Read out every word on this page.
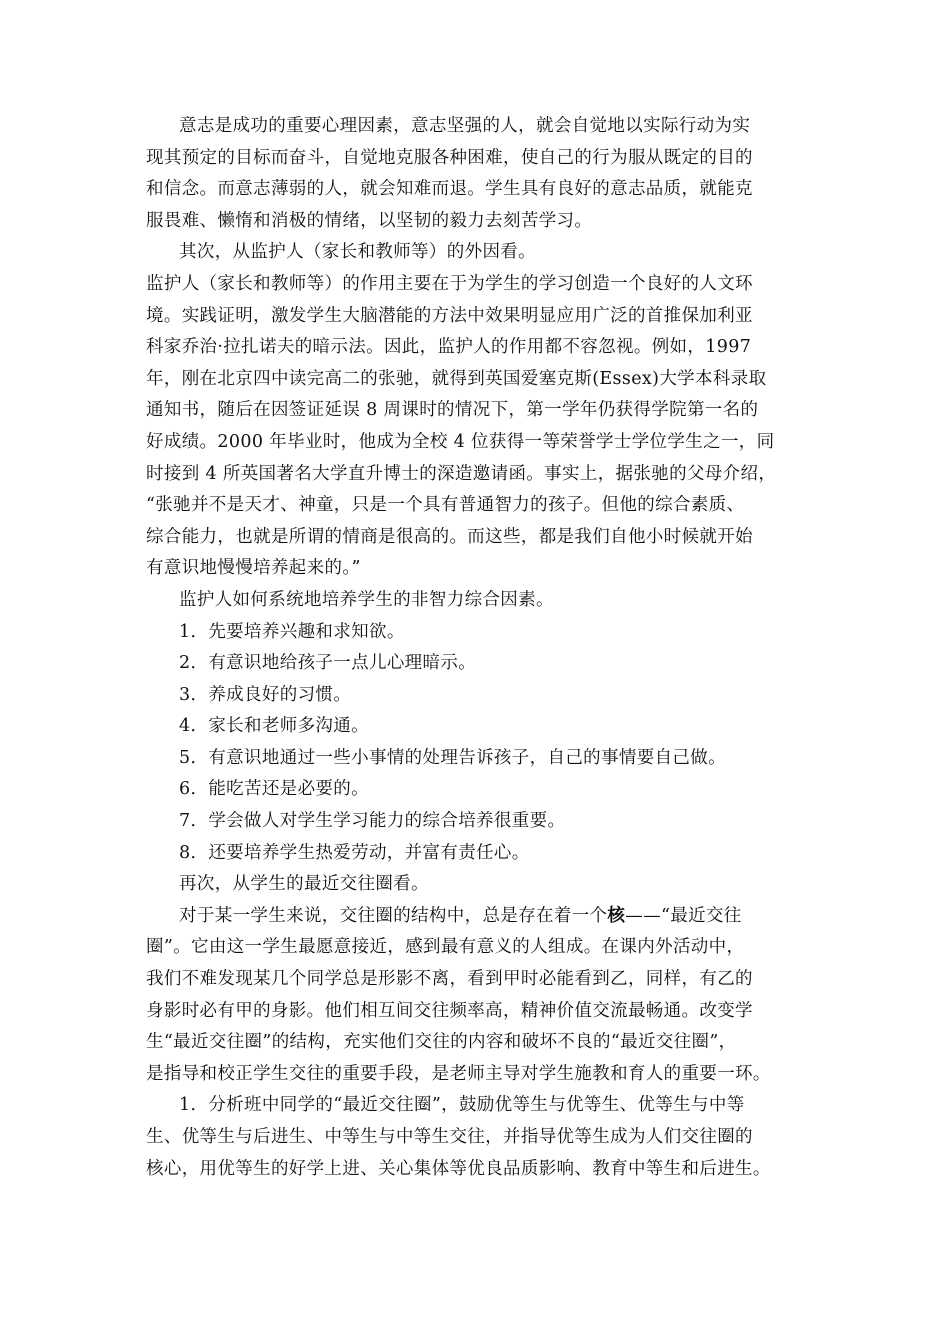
意志是成功的重要心理因素，意志坚强的人，就会自觉地以实际行动为实
现其预定的目标而奋斗，自觉地克服各种困难，使自己的行为服从既定的目的
和信念。而意志薄弱的人，就会知难而退。学生具有良好的意志品质，就能克
服畏难、懒惰和消极的情绪，以坚韧的毅力去刻苦学习。
其次，从监护人（家长和教师等）的外因看。
监护人（家长和教师等）的作用主要在于为学生的学习创造一个良好的人文环
境。实践证明，激发学生大脑潜能的方法中效果明显应用广泛的首推保加利亚
科家乔治·拉扎诺夫的暗示法。因此，监护人的作用都不容忽视。例如，1997
年，刚在北京四中读完高二的张驰，就得到英国爱塞克斯(Essex)大学本科录取
通知书，随后在因签证延误 8 周课时的情况下，第一学年仍获得学院第一名的
好成绩。2000 年毕业时，他成为全校 4 位获得一等荣誉学士学位学生之一，同
时接到 4 所英国著名大学直升博士的深造邀请函。事实上，据张驰的父母介绍，
“张驰并不是天才、神童，只是一个具有普通智力的孩子。但他的综合素质、
综合能力，也就是所谓的情商是很高的。而这些，都是我们自他小时候就开始
有意识地慢慢培养起来的。”
监护人如何系统地培养学生的非智力综合因素。
1．先要培养兴趣和求知欲。
2．有意识地给孩子一点儿心理暗示。
3．养成良好的习惯。
4．家长和老师多沟通。
5．有意识地通过一些小事情的处理告诉孩子，自己的事情要自己做。
6．能吃苦还是必要的。
7．学会做人对学生学习能力的综合培养很重要。
8．还要培养学生热爱劳动，并富有责任心。
再次，从学生的最近交往圈看。
对于某一学生来说，交往圈的结构中，总是存在着一个核——“最近交往
圈”。它由这一学生最愿意接近，感到最有意义的人组成。在课内外活动中，
我们不难发现某几个同学总是形影不离，看到甲时必能看到乙，同样，有乙的
身影时必有甲的身影。他们相互间交往频率高，精神价值交流最畅通。改变学
生“最近交往圈”的结构，充实他们交往的内容和破坏不良的“最近交往圈”，
是指导和校正学生交往的重要手段，是老师主导对学生施教和育人的重要一环。
1．分析班中同学的“最近交往圈”，鼓励优等生与优等生、优等生与中等
生、优等生与后进生、中等生与中等生交往，并指导优等生成为人们交往圈的
核心，用优等生的好学上进、关心集体等优良品质影响、教育中等生和后进生。
